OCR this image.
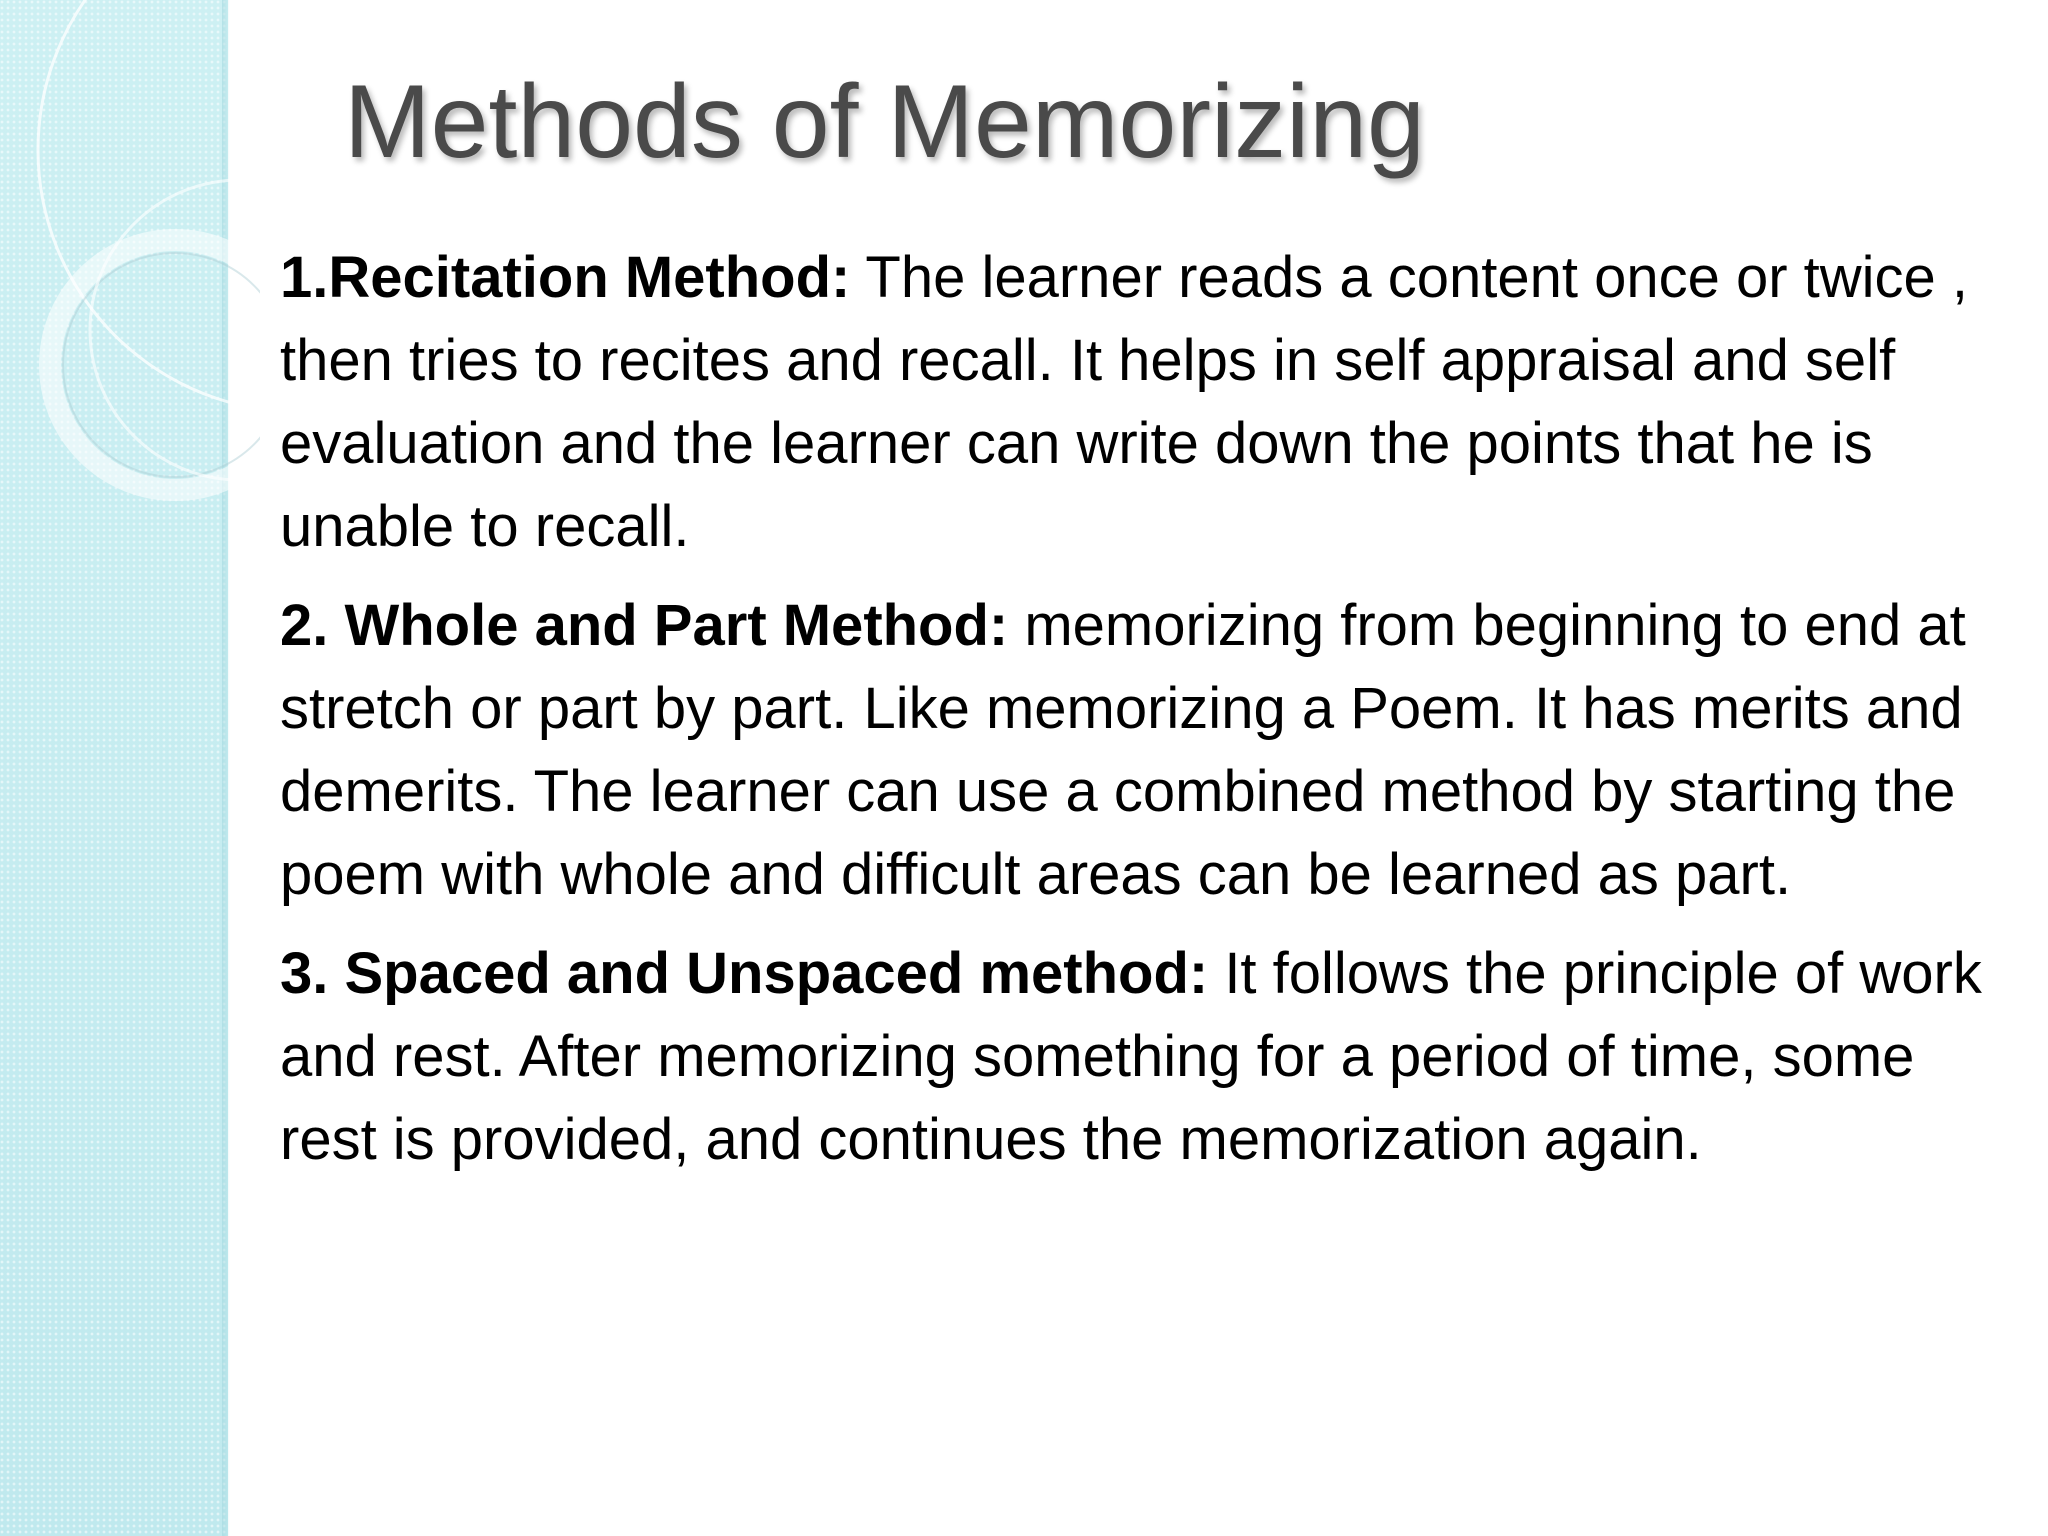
Methods of Memorizing

1.Recitation Method: The learner reads a content once or twice , then tries to recites and recall. It helps in self appraisal and self evaluation and the learner can write down the points that he is unable to recall.

2. Whole and Part Method: memorizing from beginning to end at stretch or part by part. Like memorizing a Poem. It has merits and demerits. The learner can use a combined method by starting the poem with whole and difficult areas can be learned as part.

3. Spaced and Unspaced method: It follows the principle of work and rest. After memorizing something for a period of time, some rest is provided, and continues the memorization again.
